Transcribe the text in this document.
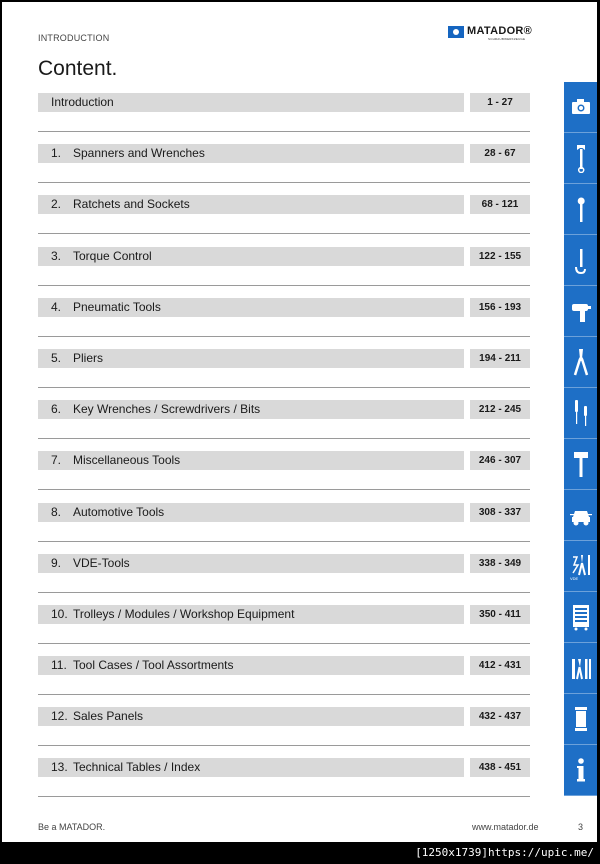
INTRODUCTION
MATADOR®
SCHRAUBWERKZEUGE
Content.
Introduction	1 - 27
1. Spanners and Wrenches	28 - 67
2. Ratchets and Sockets	68 - 121
3. Torque Control	122 - 155
4. Pneumatic Tools	156 - 193
5. Pliers	194 - 211
6. Key Wrenches / Screwdrivers / Bits	212 - 245
7. Miscellaneous Tools	246 - 307
8. Automotive Tools	308 - 337
9. VDE-Tools	338 - 349
10. Trolleys / Modules / Workshop Equipment	350 - 411
11. Tool Cases / Tool Assortments	412 - 431
12. Sales Panels	432 - 437
13. Technical Tables / Index	438 - 451
VDE
Be a MATADOR.	www.matador.de	3
[1250x1739]https://upic.me/
